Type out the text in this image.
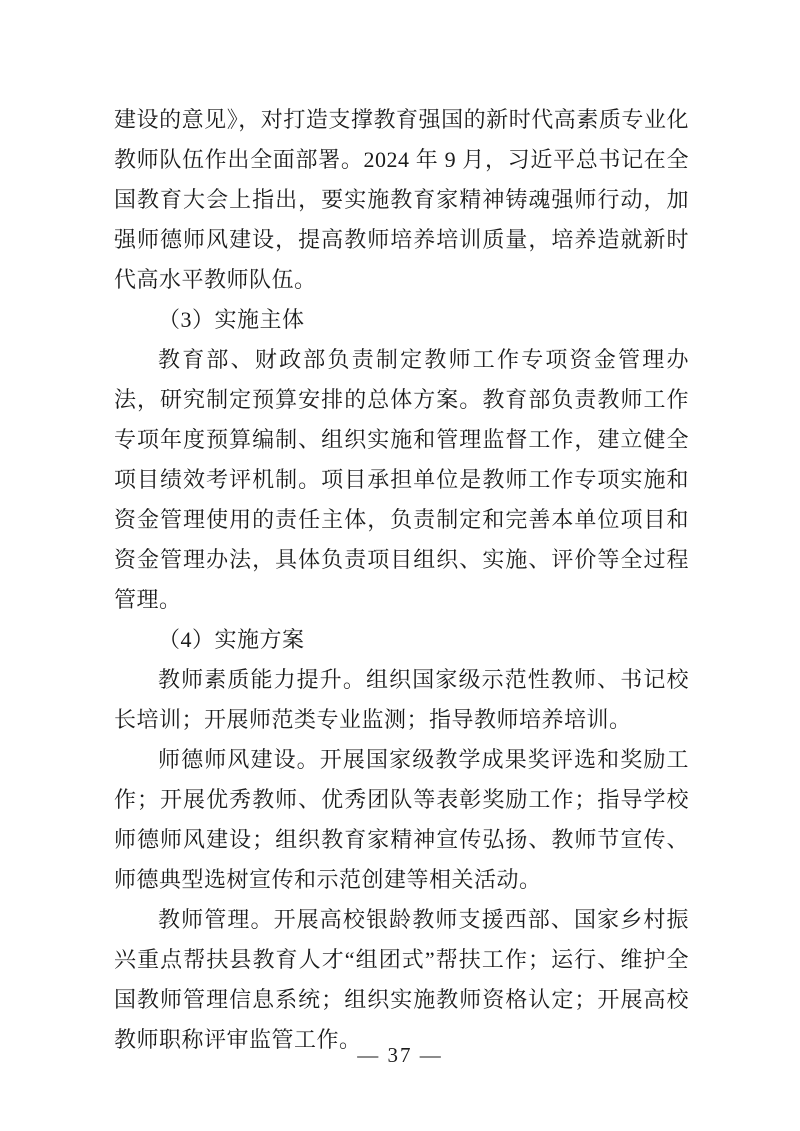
建设的意见》，对打造支撑教育强国的新时代高素质专业化教师队伍作出全面部署。2024 年 9 月，习近平总书记在全国教育大会上指出，要实施教育家精神铸魂强师行动，加强师德师风建设，提高教师培养培训质量，培养造就新时代高水平教师队伍。

（3）实施主体

教育部、财政部负责制定教师工作专项资金管理办法，研究制定预算安排的总体方案。教育部负责教师工作专项年度预算编制、组织实施和管理监督工作，建立健全项目绩效考评机制。项目承担单位是教师工作专项实施和资金管理使用的责任主体，负责制定和完善本单位项目和资金管理办法，具体负责项目组织、实施、评价等全过程管理。

（4）实施方案

教师素质能力提升。组织国家级示范性教师、书记校长培训；开展师范类专业监测；指导教师培养培训。

师德师风建设。开展国家级教学成果奖评选和奖励工作；开展优秀教师、优秀团队等表彰奖励工作；指导学校师德师风建设；组织教育家精神宣传弘扬、教师节宣传、师德典型选树宣传和示范创建等相关活动。

教师管理。开展高校银龄教师支援西部、国家乡村振兴重点帮扶县教育人才“组团式”帮扶工作；运行、维护全国教师管理信息系统；组织实施教师资格认定；开展高校教师职称评审监管工作。

— 37 —
